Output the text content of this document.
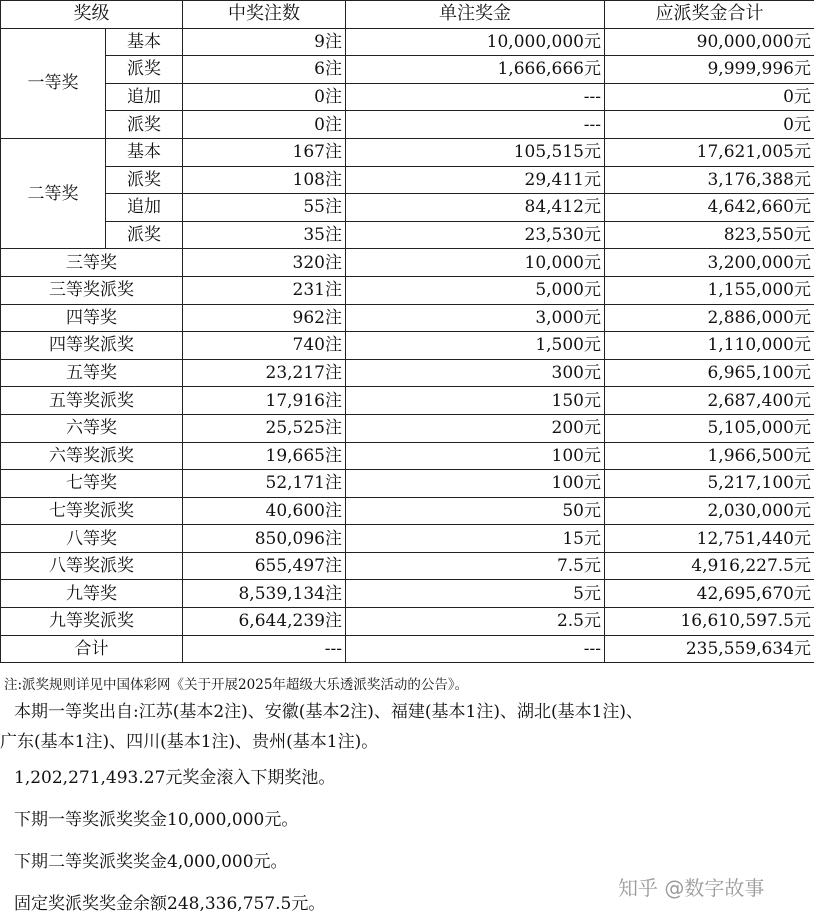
奖级		中奖注数	单注奖金	应派奖金合计
一等奖	基本	9注	10,000,000元	90,000,000元
	派奖	6注	1,666,666元	9,999,996元
	追加	0注	---	0元
	派奖	0注	---	0元
二等奖	基本	167注	105,515元	17,621,005元
	派奖	108注	29,411元	3,176,388元
	追加	55注	84,412元	4,642,660元
	派奖	35注	23,530元	823,550元
三等奖		320注	10,000元	3,200,000元
三等奖派奖		231注	5,000元	1,155,000元
四等奖		962注	3,000元	2,886,000元
四等奖派奖		740注	1,500元	1,110,000元
五等奖		23,217注	300元	6,965,100元
五等奖派奖		17,916注	150元	2,687,400元
六等奖		25,525注	200元	5,105,000元
六等奖派奖		19,665注	100元	1,966,500元
七等奖		52,171注	100元	5,217,100元
七等奖派奖		40,600注	50元	2,030,000元
八等奖		850,096注	15元	12,751,440元
八等奖派奖		655,497注	7.5元	4,916,227.5元
九等奖		8,539,134注	5元	42,695,670元
九等奖派奖		6,644,239注	2.5元	16,610,597.5元
合计		---	---	235,559,634元
注:派奖规则详见中国体彩网《关于开展2025年超级大乐透派奖活动的公告》。
本期一等奖出自:江苏(基本2注)、安徽(基本2注)、福建(基本1注)、湖北(基本1注)、
广东(基本1注)、四川(基本1注)、贵州(基本1注)。
1,202,271,493.27元奖金滚入下期奖池。
下期一等奖派奖奖金10,000,000元。
下期二等奖派奖奖金4,000,000元。
固定奖派奖奖金余额248,336,757.5元。
知乎 @数字故事
